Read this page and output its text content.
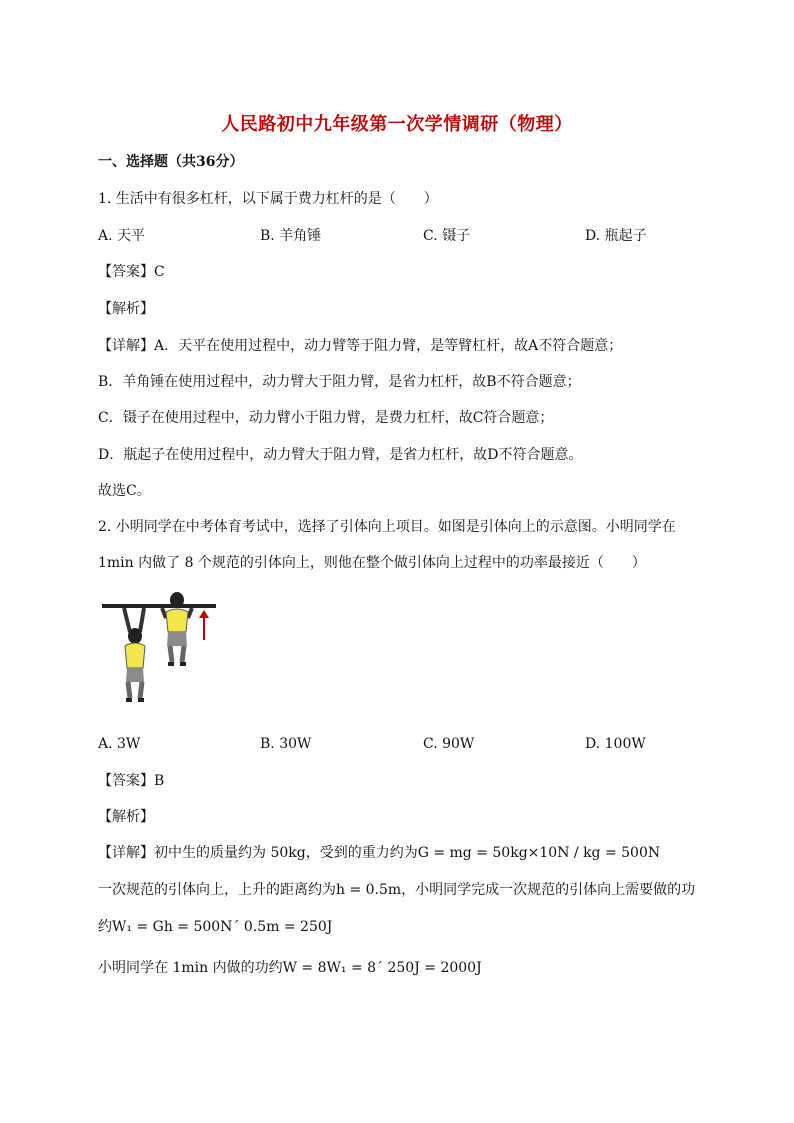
人民路初中九年级第一次学情调研（物理）
一、选择题（共36分）
1. 生活中有很多杠杆，以下属于费力杠杆的是（　　）
A. 天平	B. 羊角锤	C. 镊子	D. 瓶起子
【答案】C
【解析】
【详解】A．天平在使用过程中，动力臂等于阻力臂，是等臂杠杆，故A不符合题意；
B．羊角锤在使用过程中，动力臂大于阻力臂，是省力杠杆，故B不符合题意；
C．镊子在使用过程中，动力臂小于阻力臂，是费力杠杆，故C符合题意；
D．瓶起子在使用过程中，动力臂大于阻力臂，是省力杠杆，故D不符合题意。
故选C。
2. 小明同学在中考体育考试中，选择了引体向上项目。如图是引体向上的示意图。小明同学在
1min 内做了 8 个规范的引体向上，则他在整个做引体向上过程中的功率最接近（　　）
A. 3W	B. 30W	C. 90W	D. 100W
【答案】B
【解析】
【详解】初中生的质量约为 50kg，受到的重力约为G = mg = 50kg×10N / kg = 500N
一次规范的引体向上，上升的距离约为h = 0.5m，小明同学完成一次规范的引体向上需要做的功
约W₁ = Gh = 500N´ 0.5m = 250J
小明同学在 1min 内做的功约W = 8W₁ = 8´ 250J = 2000J
